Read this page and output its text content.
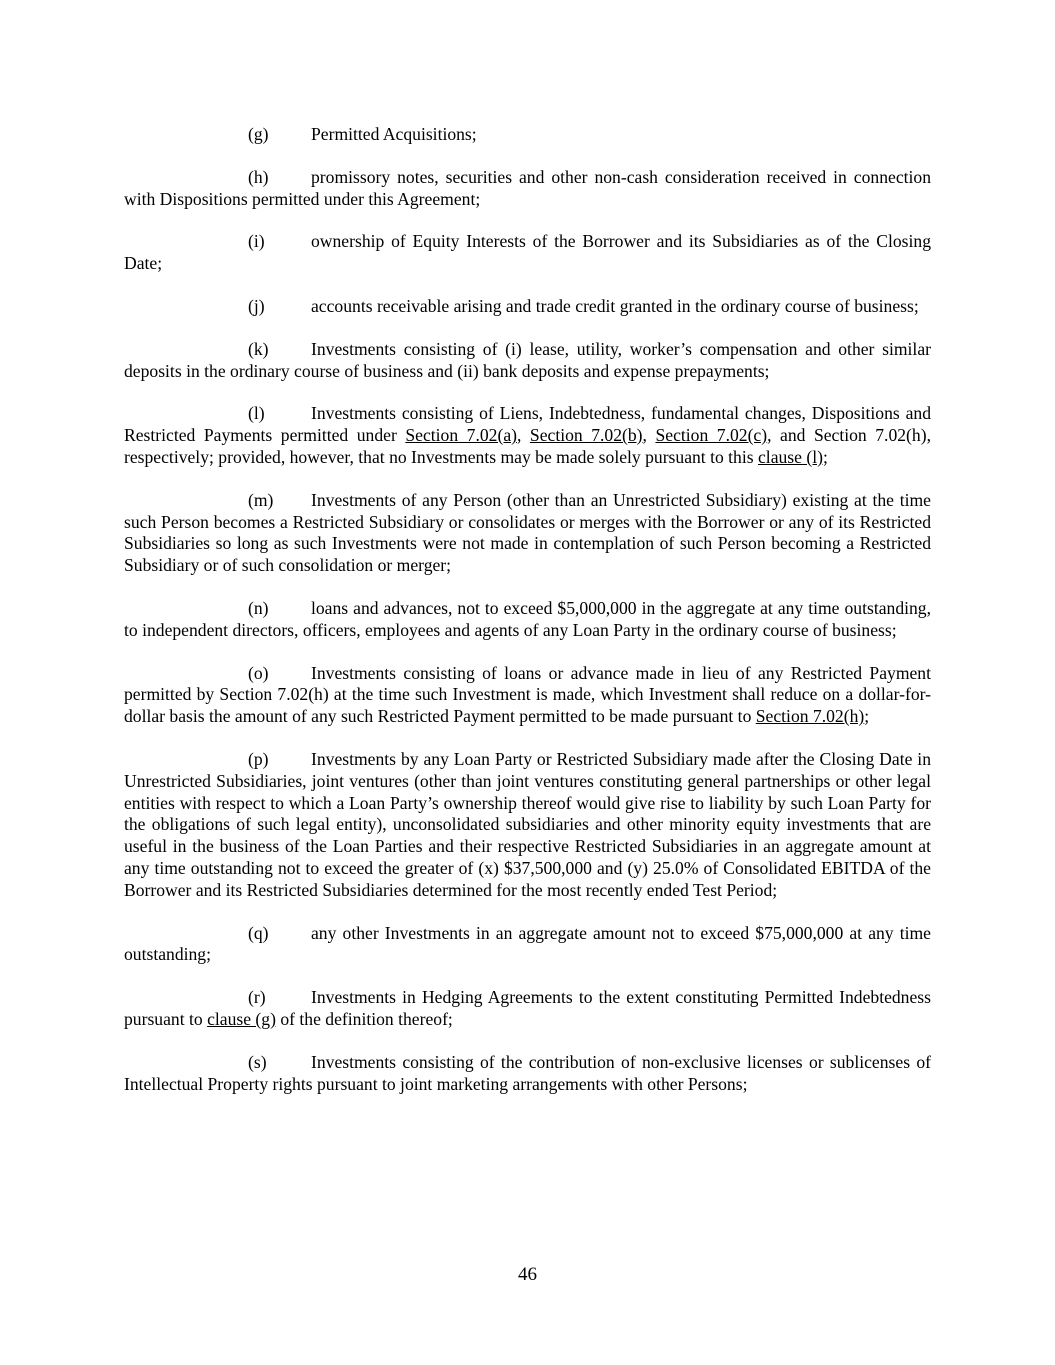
(g) Permitted Acquisitions;

(h) promissory notes, securities and other non-cash consideration received in connection with Dispositions permitted under this Agreement;

(i)	ownership of Equity Interests of the Borrower and its Subsidiaries as of the Closing Date;

(j)	accounts receivable arising and trade credit granted in the ordinary course of business;

(k) Investments consisting of (i) lease, utility, worker’s compensation and other similar deposits in the ordinary course of business and (ii) bank deposits and expense prepayments;

(l)	Investments consisting of Liens, Indebtedness, fundamental changes, Dispositions and Restricted Payments permitted under Section 7.02(a), Section 7.02(b), Section 7.02(c), and Section 7.02(h), respectively; provided, however, that no Investments may be made solely pursuant to this clause (l);

(m) Investments of any Person (other than an Unrestricted Subsidiary) existing at the time such Person becomes a Restricted Subsidiary or consolidates or merges with the Borrower or any of its Restricted Subsidiaries so long as such Investments were not made in contemplation of such Person becoming a Restricted Subsidiary or of such consolidation or merger;

(n) loans and advances, not to exceed $5,000,000 in the aggregate at any time outstanding, to independent directors, officers, employees and agents of any Loan Party in the ordinary course of business;

(o) Investments consisting of loans or advance made in lieu of any Restricted Payment permitted by Section 7.02(h) at the time such Investment is made, which Investment shall reduce on a dollar-for-dollar basis the amount of any such Restricted Payment permitted to be made pursuant to Section 7.02(h);

(p) Investments by any Loan Party or Restricted Subsidiary made after the Closing Date in Unrestricted Subsidiaries, joint ventures (other than joint ventures constituting general partnerships or other legal entities with respect to which a Loan Party’s ownership thereof would give rise to liability by such Loan Party for the obligations of such legal entity), unconsolidated subsidiaries and other minority equity investments that are useful in the business of the Loan Parties and their respective Restricted Subsidiaries in an aggregate amount at any time outstanding not to exceed the greater of (x) $37,500,000 and (y) 25.0% of Consolidated EBITDA of the Borrower and its Restricted Subsidiaries determined for the most recently ended Test Period;

(q) any other Investments in an aggregate amount not to exceed $75,000,000 at any time outstanding;

(r)	Investments in Hedging Agreements to the extent constituting Permitted Indebtedness pursuant to clause (g) of the definition thereof;

(s)	Investments consisting of the contribution of non-exclusive licenses or sublicenses of Intellectual Property rights pursuant to joint marketing arrangements with other Persons;

46
